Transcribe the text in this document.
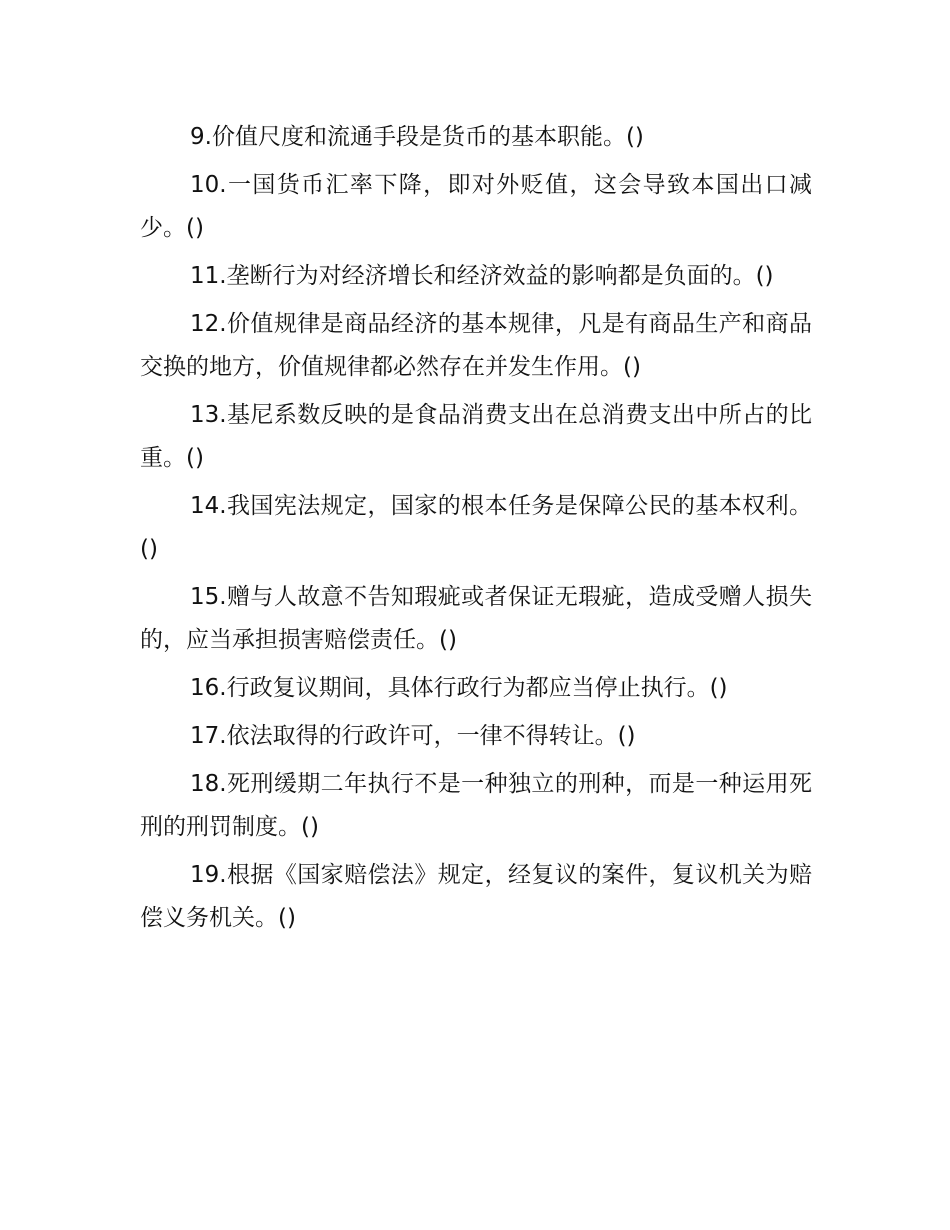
9.价值尺度和流通手段是货币的基本职能。()

10.一国货币汇率下降，即对外贬值，这会导致本国出口减少。()

11.垄断行为对经济增长和经济效益的影响都是负面的。()

12.价值规律是商品经济的基本规律，凡是有商品生产和商品交换的地方，价值规律都必然存在并发生作用。()

13.基尼系数反映的是食品消费支出在总消费支出中所占的比重。()

14.我国宪法规定，国家的根本任务是保障公民的基本权利。()

15.赠与人故意不告知瑕疵或者保证无瑕疵，造成受赠人损失的，应当承担损害赔偿责任。()

16.行政复议期间，具体行政行为都应当停止执行。()

17.依法取得的行政许可，一律不得转让。()

18.死刑缓期二年执行不是一种独立的刑种，而是一种运用死刑的刑罚制度。()

19.根据《国家赔偿法》规定，经复议的案件，复议机关为赔偿义务机关。()
